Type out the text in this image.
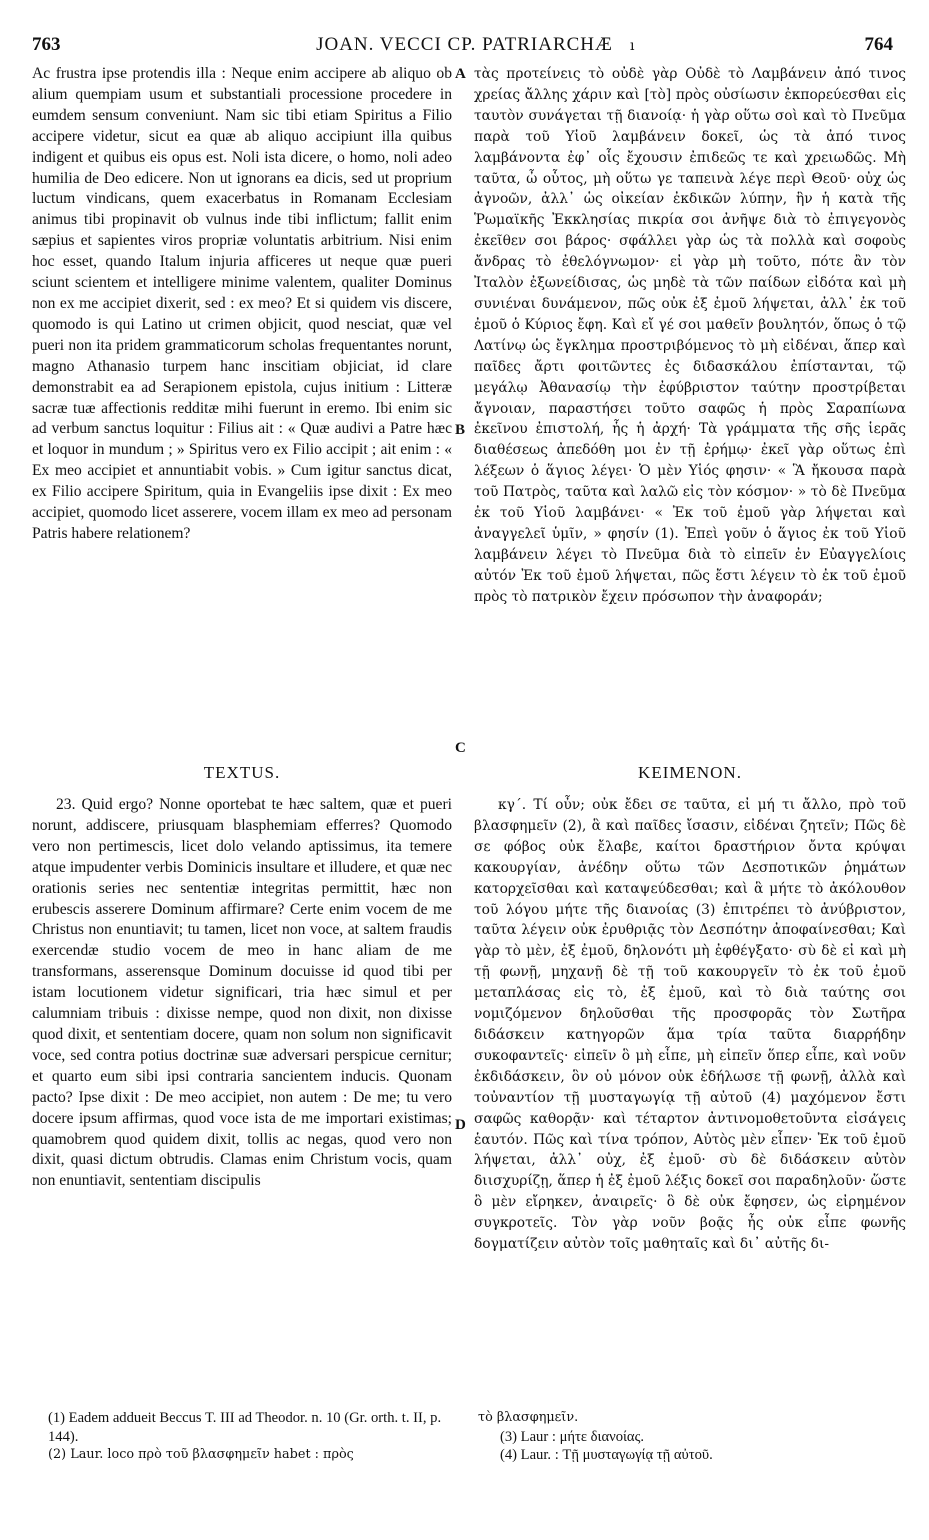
763	JOAN. VECCI CP. PATRIARCHÆ	ı	764

Ac frustra ipse protendis illa : Neque enim accipere ab aliquo ob alium quempiam usum et substantiali processione procedere in eumdem sensum conveniunt. Nam sic tibi etiam Spiritus a Filio accipere videtur, sicut ea quæ ab aliquo accipiunt illa quibus indigent et quibus eis opus est. Noli ista dicere, o homo, noli adeo humilia de Deo edicere. Non ut ignorans ea dicis, sed ut proprium luctum vindicans, quem exacerbatus in Romanam Ecclesiam animus tibi propinavit ob vulnus inde tibi inflictum; fallit enim sæpius et sapientes viros propriæ voluntatis arbitrium. Nisi enim hoc esset, quando Italum injuria afficeres ut neque quæ pueri sciunt scientem et intelligere minime valentem, qualiter Dominus non ex me accipiet dixerit, sed : ex meo? Et si quidem vis discere, quomodo is qui Latino ut crimen objicit, quod nesciat, quæ vel pueri non ita pridem grammaticorum scholas frequentantes norunt, magno Athanasio turpem hanc inscitiam objiciat, id clare demonstrabit ea ad Serapionem epistola, cujus initium : Litteræ sacræ tuæ affectionis redditæ mihi fuerunt in eremo. Ibi enim sic ad verbum sanctus loquitur : Filius ait : « Quæ audivi a Patre hæc et loquor in mundum ; » Spiritus vero ex Filio accipit ; ait enim : « Ex meo accipiet et annuntiabit vobis. » Cum igitur sanctus dicat, ex Filio accipere Spiritum, quia in Evangeliis ipse dixit : Ex meo accipiet, quomodo licet asserere, vocem illam ex meo ad personam Patris habere relationem?

TEXTUS.

23. Quid ergo? Nonne oportebat te hæc saltem, quæ et pueri norunt, addiscere, priusquam blasphemiam efferres? Quomodo vero non pertimescis, licet dolo velando aptissimus, ita temere atque impudenter verbis Dominicis insultare et illudere, et quæ nec orationis series nec sententiæ integritas permittit, hæc non erubescis asserere Dominum affirmare? Certe enim vocem de me Christus non enuntiavit; tu tamen, licet non voce, at saltem fraudis exercendæ studio vocem de meo in hanc aliam de me transformans, asserensque Dominum docuisse id quod tibi per istam locutionem videtur significari, tria hæc simul et per calumniam tribuis : dixisse nempe, quod non dixit, non dixisse quod dixit, et sententiam docere, quam non solum non significavit voce, sed contra potius doctrinæ suæ adversari perspicue cernitur; et quarto eum sibi ipsi contraria sancientem inducis. Quonam pacto? Ipse dixit : De meo accipiet, non autem : De me; tu vero docere ipsum affirmas, quod voce ista de me importari existimas; quamobrem quod quidem dixit, tollis ac negas, quod vero non dixit, quasi dictum obtrudis. Clamas enim Christum vocis, quam non enuntiavit, sententiam discipulis

τὰς προτείνεις τὸ οὐδὲ γὰρ Οὐδὲ τὸ Λαμβάνειν ἀπό τινος χρείας ἄλλης χάριν καὶ [τὸ] πρὸς οὐσίωσιν ἐκπορεύεσθαι εἰς ταυτὸν συνάγεται τῇ διανοίᾳ· ἡ γὰρ οὕτω σοὶ καὶ τὸ Πνεῦμα παρὰ τοῦ Υἱοῦ λαμβάνειν δοκεῖ, ὡς τὰ ἀπό τινος λαμβάνοντα ἐφ᾽ οἷς ἔχουσιν ἐπιδεῶς τε καὶ χρειωδῶς. Μὴ ταῦτα, ὦ οὗτος, μὴ οὕτω γε ταπεινὰ λέγε περὶ Θεοῦ· οὐχ ὡς ἀγνοῶν, ἀλλ᾽ ὡς οἰκείαν ἐκδικῶν λύπην, ἣν ἡ κατὰ τῆς Ῥωμαϊκῆς Ἐκκλησίας πικρία σοι ἀνῆψε διὰ τὸ ἐπιγεγονὸς ἐκεῖθεν σοι βάρος· σφάλλει γὰρ ὡς τὰ πολλὰ καὶ σοφοὺς ἄνδρας τὸ ἐθελόγνωμον· εἰ γὰρ μὴ τοῦτο, πότε ἂν τὸν Ἰταλὸν ἐξωνείδισας, ὡς μηδὲ τὰ τῶν παίδων εἰδότα καὶ μὴ συνιέναι δυνάμενον, πῶς οὐκ ἐξ ἐμοῦ λήψεται, ἀλλ᾽ ἐκ τοῦ ἐμοῦ ὁ Κύριος ἔφη. Καὶ εἴ γέ σοι μαθεῖν βουλητόν, ὅπως ὁ τῷ Λατίνῳ ὡς ἔγκλημα προστριβόμενος τὸ μὴ εἰδέναι, ἅπερ καὶ παῖδες ἄρτι φοιτῶντες ἐς διδασκάλου ἐπίστανται, τῷ μεγάλῳ Ἀθανασίῳ τὴν ἐφύβριστον ταύτην προστρίβεται ἄγνοιαν, παραστήσει τοῦτο σαφῶς ἡ πρὸς Σαραπίωνα ἐκεῖνου ἐπιστολή, ἧς ἡ ἀρχή· Τὰ γράμματα τῆς σῆς ἱερᾶς διαθέσεως ἀπεδόθη μοι ἐν τῇ ἐρήμῳ· ἐκεῖ γὰρ οὕτως ἐπὶ λέξεων ὁ ἅγιος λέγει· Ὁ μὲν Υἱός φησιν· « Ἃ ἤκουσα παρὰ τοῦ Πατρὸς, ταῦτα καὶ λαλῶ εἰς τὸν κόσμον· » τὸ δὲ Πνεῦμα ἐκ τοῦ Υἱοῦ λαμβάνει· « Ἐκ τοῦ ἐμοῦ γὰρ λήψεται καὶ ἀναγγελεῖ ὑμῖν, » φησίν (1). Ἐπεὶ γοῦν ὁ ἅγιος ἐκ τοῦ Υἱοῦ λαμβάνειν λέγει τὸ Πνεῦμα διὰ τὸ εἰπεῖν ἐν Εὐαγγελίοις αὐτόν Ἐκ τοῦ ἐμοῦ λήψεται, πῶς ἔστι λέγειν τὸ ἐκ τοῦ ἐμοῦ πρὸς τὸ πατρικὸν ἔχειν πρόσωπον τὴν ἀναφοράν;

KEIMENON.

κγ΄. Τί οὖν; οὐκ ἔδει σε ταῦτα, εἰ μή τι ἄλλο, πρὸ τοῦ βλασφημεῖν (2), ἃ καὶ παῖδες ἴσασιν, εἰδέναι ζητεῖν; Πῶς δὲ σε φόβος οὐκ ἔλαβε, καίτοι δραστήριον ὄντα κρύψαι κακουργίαν, ἀνέδην οὕτω τῶν Δεσποτικῶν ῥημάτων κατορχεῖσθαι καὶ καταψεύδεσθαι; καὶ ἃ μήτε τὸ ἀκόλουθον τοῦ λόγου μήτε τῆς διανοίας (3) ἐπιτρέπει τὸ ἀνύβριστον, ταῦτα λέγειν οὐκ ἐρυθριᾷς τὸν Δεσπότην ἀποφαίνεσθαι; Καὶ γὰρ τὸ μὲν, ἐξ ἐμοῦ, δηλονότι μὴ ἐφθέγξατο· σὺ δὲ εἰ καὶ μὴ τῇ φωνῇ, μηχανῇ δὲ τῇ τοῦ κακουργεῖν τὸ ἐκ τοῦ ἐμοῦ μεταπλάσας εἰς τὸ, ἐξ ἐμοῦ, καὶ τὸ διὰ ταύτης σοι νομιζόμενον δηλοῦσθαι τῆς προσφορᾶς τὸν Σωτῆρα διδάσκειν κατηγορῶν ἅμα τρία ταῦτα διαρρήδην συκοφαντεῖς· εἰπεῖν ὃ μὴ εἶπε, μὴ εἰπεῖν ὅπερ εἶπε, καὶ νοῦν ἐκδιδάσκειν, ὃν οὐ μόνον οὐκ ἐδήλωσε τῇ φωνῇ, ἀλλὰ καὶ τοὐναντίον τῇ μυσταγωγίᾳ τῇ αὐτοῦ (4) μαχόμενον ἔστι σαφῶς καθορᾷν· καὶ τέταρτον ἀντινομοθετοῦντα εἰσάγεις ἑαυτόν. Πῶς καὶ τίνα τρόπον, Αὐτὸς μὲν εἶπεν· Ἐκ τοῦ ἐμοῦ λήψεται, ἀλλ᾽ οὐχ, ἐξ ἐμοῦ· σὺ δὲ διδάσκειν αὐτὸν διισχυρίζῃ, ἅπερ ἡ ἐξ ἐμοῦ λέξις δοκεῖ σοι παραδηλοῦν· ὥστε ὃ μὲν εἴρηκεν, ἀναιρεῖς· ὃ δὲ οὐκ ἔφησεν, ὡς εἰρημένον συγκροτεῖς. Τὸν γὰρ νοῦν βοᾷς ἧς οὐκ εἶπε φωνῆς δογματίζειν αὐτὸν τοῖς μαθηταῖς καὶ δι᾽ αὐτῆς δι-

A
B
C
D

(1) Eadem addueit Beccus T. III ad Theodor. n. 10 (Gr. orth. t. II, p. 144).

(2) Laur. loco πρὸ τοῦ βλασφημεῖν habet : πρὸς

τὸ βλασφημεῖν.

(3) Laur : μήτε διανοίας.

(4) Laur. : Τῇ μυσταγωγίᾳ τῇ αὐτοῦ.
